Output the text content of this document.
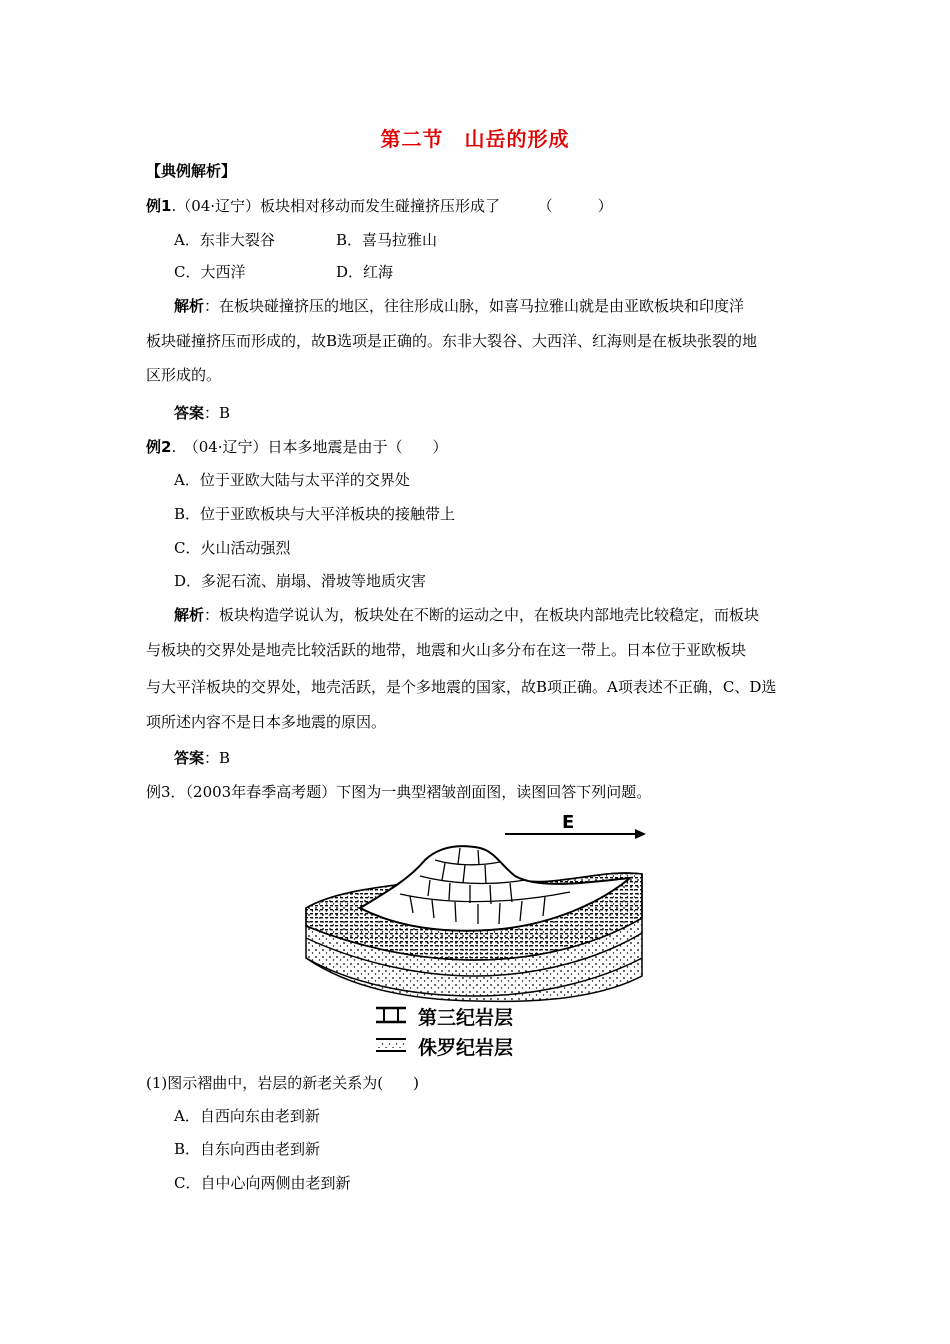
第二节　山岳的形成
【典例解析】
例1.（04·辽宁）板块相对移动而发生碰撞挤压形成了　　　（　　　）
A．东非大裂谷	B．喜马拉雅山
C．大西洋	D．红海
解析：在板块碰撞挤压的地区，往往形成山脉，如喜马拉雅山就是由亚欧板块和印度洋
板块碰撞挤压而形成的，故B选项是正确的。东非大裂谷、大西洋、红海则是在板块张裂的地
区形成的。
答案：B
例2.　（04·辽宁）日本多地震是由于（　　）
A．位于亚欧大陆与太平洋的交界处
B．位于亚欧板块与大平洋板块的接触带上
C．火山活动强烈
D．多泥石流、崩塌、滑坡等地质灾害
解析：板块构造学说认为，板块处在不断的运动之中，在板块内部地壳比较稳定，而板块
与板块的交界处是地壳比较活跃的地带，地震和火山多分布在这一带上。日本位于亚欧板块
与大平洋板块的交界处，地壳活跃，是个多地震的国家，故B项正确。A项表述不正确，C、D选
项所述内容不是日本多地震的原因。
答案：B
例3．（2003年春季高考题）下图为一典型褶皱剖面图，读图回答下列问题。
E
第三纪岩层
侏罗纪岩层
(1)图示褶曲中，岩层的新老关系为(　　)
A．自西向东由老到新
B．自东向西由老到新
C．自中心向两侧由老到新
